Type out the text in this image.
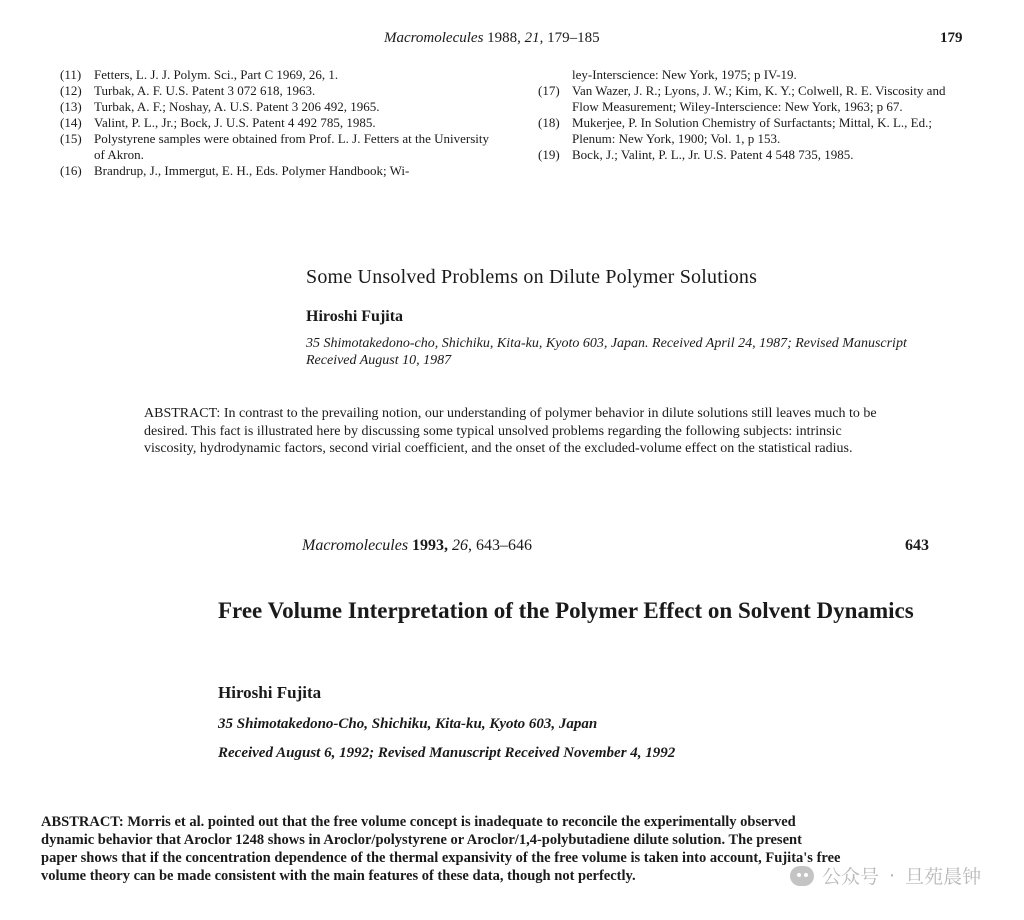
Macromolecules 1988, 21, 179–185	179
(11) Fetters, L. J. J. Polym. Sci., Part C 1969, 26, 1.
(12) Turbak, A. F. U.S. Patent 3 072 618, 1963.
(13) Turbak, A. F.; Noshay, A. U.S. Patent 3 206 492, 1965.
(14) Valint, P. L., Jr.; Bock, J. U.S. Patent 4 492 785, 1985.
(15) Polystyrene samples were obtained from Prof. L. J. Fetters at the University of Akron.
(16) Brandrup, J., Immergut, E. H., Eds. Polymer Handbook; Wi-
ley-Interscience: New York, 1975; p IV-19.
(17) Van Wazer, J. R.; Lyons, J. W.; Kim, K. Y.; Colwell, R. E. Viscosity and Flow Measurement; Wiley-Interscience: New York, 1963; p 67.
(18) Mukerjee, P. In Solution Chemistry of Surfactants; Mittal, K. L., Ed.; Plenum: New York, 1900; Vol. 1, p 153.
(19) Bock, J.; Valint, P. L., Jr. U.S. Patent 4 548 735, 1985.
Some Unsolved Problems on Dilute Polymer Solutions
Hiroshi Fujita
35 Shimotakedono-cho, Shichiku, Kita-ku, Kyoto 603, Japan. Received April 24, 1987; Revised Manuscript Received August 10, 1987
ABSTRACT: In contrast to the prevailing notion, our understanding of polymer behavior in dilute solutions still leaves much to be desired. This fact is illustrated here by discussing some typical unsolved problems regarding the following subjects: intrinsic viscosity, hydrodynamic factors, second virial coefficient, and the onset of the excluded-volume effect on the statistical radius.
Macromolecules 1993, 26, 643–646	643
Free Volume Interpretation of the Polymer Effect on Solvent Dynamics
Hiroshi Fujita
35 Shimotakedono-Cho, Shichiku, Kita-ku, Kyoto 603, Japan
Received August 6, 1992; Revised Manuscript Received November 4, 1992
ABSTRACT: Morris et al. pointed out that the free volume concept is inadequate to reconcile the experimentally observed dynamic behavior that Aroclor 1248 shows in Aroclor/polystyrene or Aroclor/1,4-polybutadiene dilute solution. The present paper shows that if the concentration dependence of the thermal expansivity of the free volume is taken into account, Fujita's free volume theory can be made consistent with the main features of these data, though not perfectly.	公众号 · 旦苑晨钟
